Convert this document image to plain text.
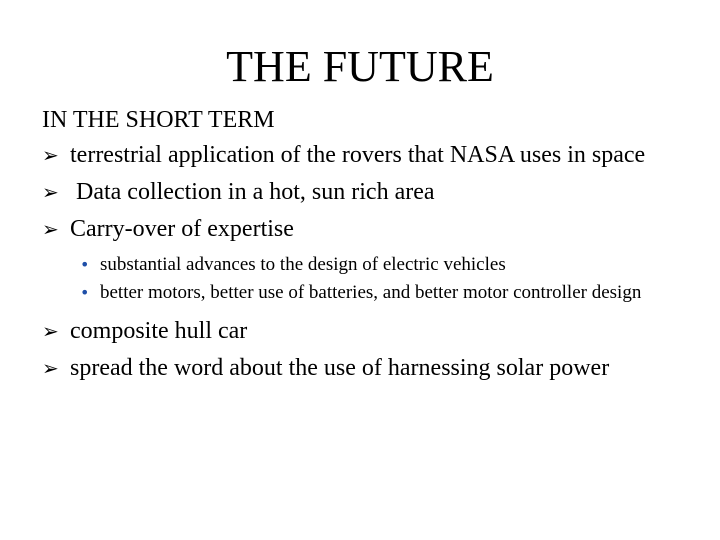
THE FUTURE
IN THE SHORT TERM
➢ terrestrial application of the rovers that NASA uses in space
➢ Data collection in a hot, sun rich area
➢ Carry-over of expertise
• substantial advances to the design of electric vehicles
• better motors, better use of batteries, and better motor controller design
➢ composite hull car
➢ spread the word about the use of harnessing solar power
